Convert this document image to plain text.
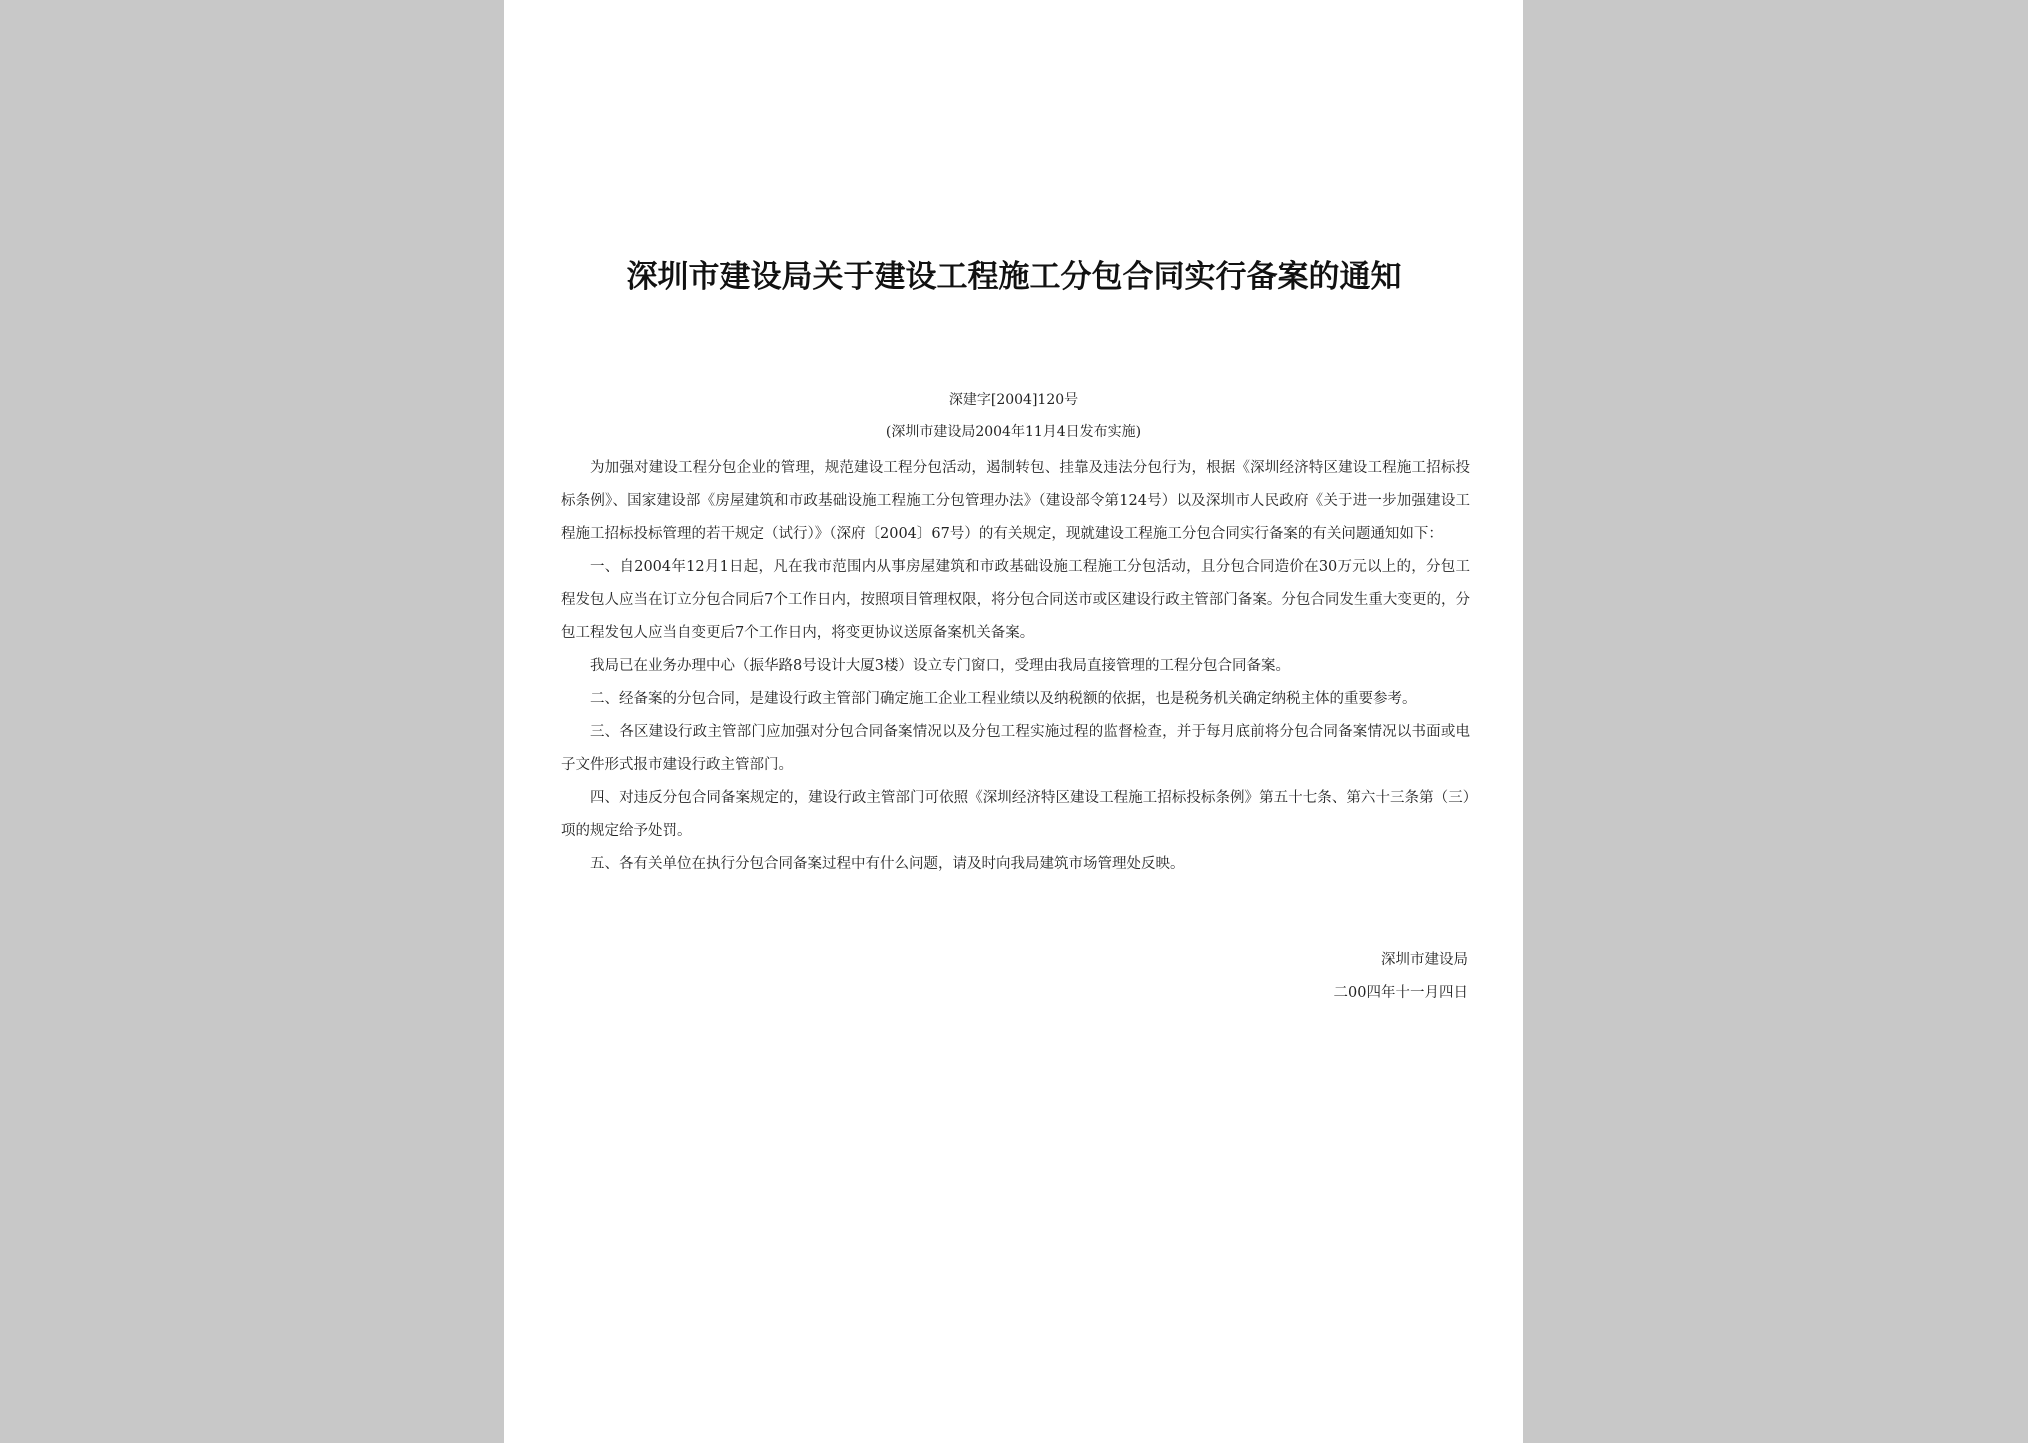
深圳市建设局关于建设工程施工分包合同实行备案的通知
深建字[2004]120号
(深圳市建设局2004年11月4日发布实施)

为加强对建设工程分包企业的管理，规范建设工程分包活动，遏制转包、挂靠及违法分包行为，根据《深圳经济特区建设工程施工招标投标条例》、国家建设部《房屋建筑和市政基础设施工程施工分包管理办法》（建设部令第124号）以及深圳市人民政府《关于进一步加强建设工程施工招标投标管理的若干规定（试行）》（深府〔2004〕67号）的有关规定，现就建设工程施工分包合同实行备案的有关问题通知如下：

一、自2004年12月1日起，凡在我市范围内从事房屋建筑和市政基础设施工程施工分包活动，且分包合同造价在30万元以上的，分包工程发包人应当在订立分包合同后7个工作日内，按照项目管理权限，将分包合同送市或区建设行政主管部门备案。分包合同发生重大变更的，分包工程发包人应当自变更后7个工作日内，将变更协议送原备案机关备案。

我局已在业务办理中心（振华路8号设计大厦3楼）设立专门窗口，受理由我局直接管理的工程分包合同备案。

二、经备案的分包合同，是建设行政主管部门确定施工企业工程业绩以及纳税额的依据，也是税务机关确定纳税主体的重要参考。

三、各区建设行政主管部门应加强对分包合同备案情况以及分包工程实施过程的监督检查，并于每月底前将分包合同备案情况以书面或电子文件形式报市建设行政主管部门。

四、对违反分包合同备案规定的，建设行政主管部门可依照《深圳经济特区建设工程施工招标投标条例》第五十七条、第六十三条第（三）项的规定给予处罚。

五、各有关单位在执行分包合同备案过程中有什么问题，请及时向我局建筑市场管理处反映。

深圳市建设局
二00四年十一月四日
